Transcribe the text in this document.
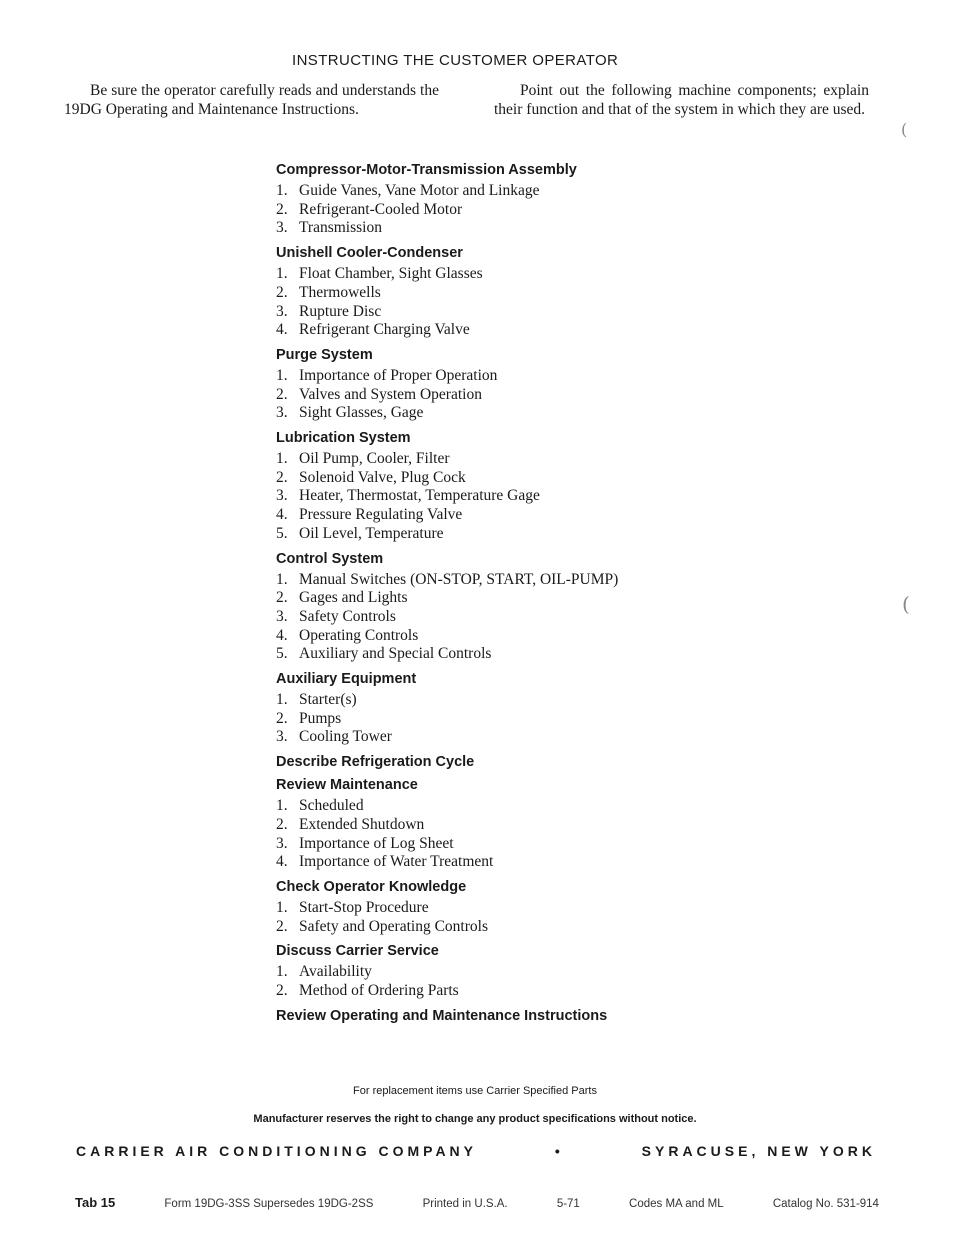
(
(
INSTRUCTING THE CUSTOMER OPERATOR

Be sure the operator carefully reads and understands the 19DG Operating and Maintenance Instructions.

Point out the following machine components; explain their function and that of the system in which they are used.

Compressor-Motor-Transmission Assembly
1. Guide Vanes, Vane Motor and Linkage
2. Refrigerant-Cooled Motor
3. Transmission
Unishell Cooler-Condenser
1. Float Chamber, Sight Glasses
2. Thermowells
3. Rupture Disc
4. Refrigerant Charging Valve
Purge System
1. Importance of Proper Operation
2. Valves and System Operation
3. Sight Glasses, Gage
Lubrication System
1. Oil Pump, Cooler, Filter
2. Solenoid Valve, Plug Cock
3. Heater, Thermostat, Temperature Gage
4. Pressure Regulating Valve
5. Oil Level, Temperature
Control System
1. Manual Switches (ON-STOP, START, OIL-PUMP)
2. Gages and Lights
3. Safety Controls
4. Operating Controls
5. Auxiliary and Special Controls
Auxiliary Equipment
1. Starter(s)
2. Pumps
3. Cooling Tower
Describe Refrigeration Cycle
Review Maintenance
1. Scheduled
2. Extended Shutdown
3. Importance of Log Sheet
4. Importance of Water Treatment
Check Operator Knowledge
1. Start-Stop Procedure
2. Safety and Operating Controls
Discuss Carrier Service
1. Availability
2. Method of Ordering Parts
Review Operating and Maintenance Instructions

For replacement items use Carrier Specified Parts

Manufacturer reserves the right to change any product specifications without notice.

CARRIER AIR CONDITIONING COMPANY	•	SYRACUSE, NEW YORK
Tab 15	Form 19DG-3SS Supersedes 19DG-2SS	Printed in U.S.A.	5-71	Codes MA and ML	Catalog No. 531-914
